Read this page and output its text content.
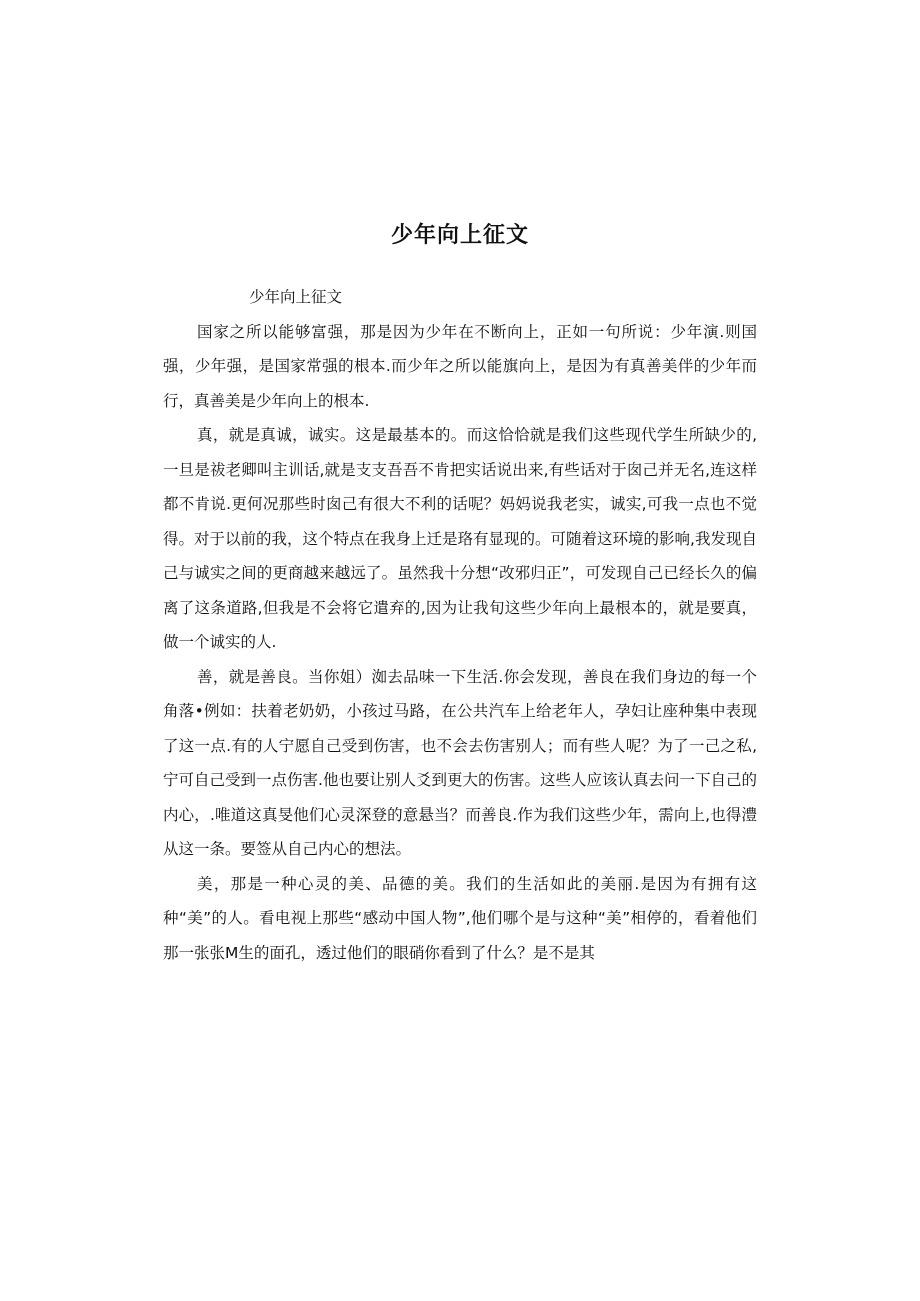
少年向上征文

少年向上征文

国家之所以能够富强，那是因为少年在不断向上，正如一句所说：少年演.则国强，少年强，是国家常强的根本.而少年之所以能旗向上，是因为有真善美伴的少年而行，真善美是少年向上的根本.

真，就是真诚，诚实。这是最基本的。而这恰恰就是我们这些现代学生所缺少的,一旦是祓老卿叫主训话,就是支支吾吾不肯把实话说出来,有些话对于囱己并无名,连这样都不肯说.更何况那些时囱己有很大不利的话呢？妈妈说我老实，诚实,可我一点也不觉得。对于以前的我，这个特点在我身上迁是珞有显现的。可随着这环境的影响,我发现自己与诚实之间的更商越来越远了。虽然我十分想“改邪归正”，可发现自己已经长久的偏离了这条道路,但我是不会将它遣弃的,因为让我旬这些少年向上最根本的，就是要真，做一个诚实的人.

善，就是善良。当你姐）洳去品味一下生活.你会发现，善良在我们身边的每一个角落•例如：扶着老奶奶，小孩过马路，在公共汽车上给老年人，孕妇让座种集中表现了这一点.有的人宁愿自己受到伤害，也不会去伤害别人；而有些人呢？为了一己之私,宁可自己受到一点伤害.他也要让别人爻到更大的伤害。这些人应该认真去问一下自己的内心，.唯道这真旻他们心灵深登的意悬当？而善良.作为我们这些少年，需向上,也得澧从这一条。要签从自己内心的想法。

美，那是一种心灵的美、品德的美。我们的生活如此的美丽.是因为有拥有这种“美”的人。看电视上那些“感动中国人物”,他们哪个是与这种“美”相停的，看着他们那一张张M生的面孔，透过他们的眼硝你看到了什么？是不是其
